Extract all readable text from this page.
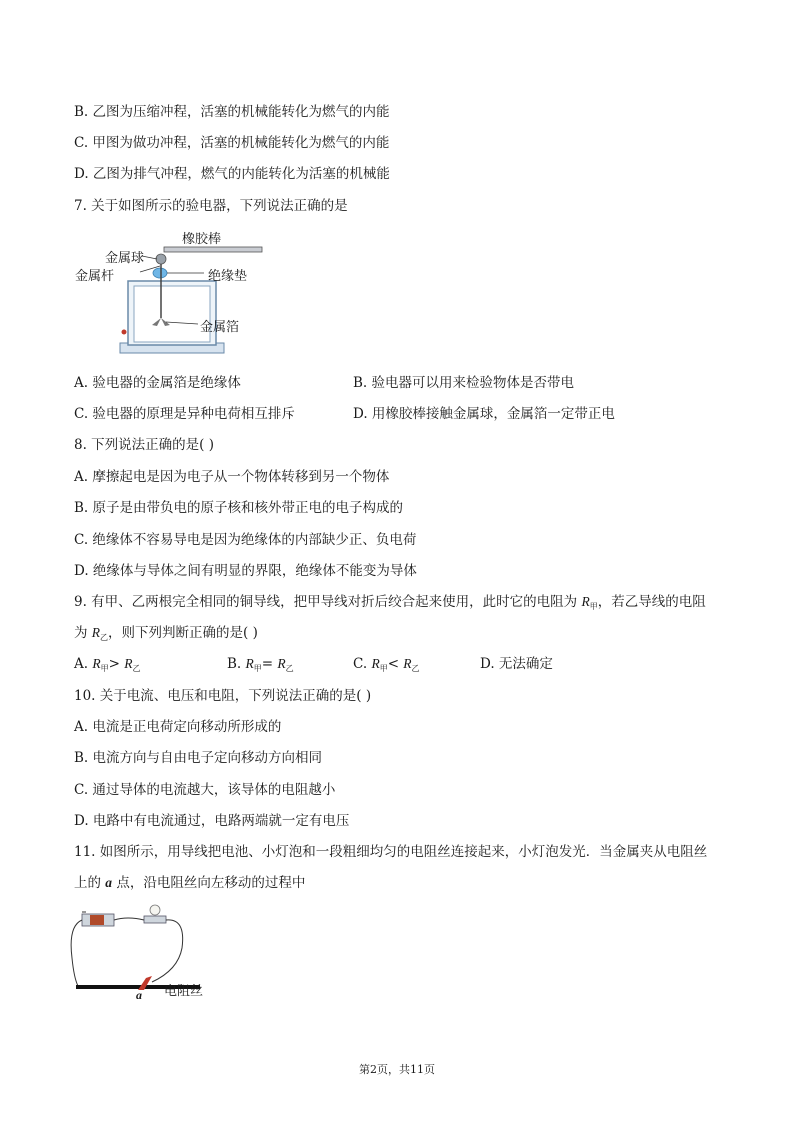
B. 乙图为压缩冲程，活塞的机械能转化为燃气的内能
C. 甲图为做功冲程，活塞的机械能转化为燃气的内能
D. 乙图为排气冲程，燃气的内能转化为活塞的机械能
7. 关于如图所示的验电器，下列说法正确的是
橡胶棒
金属球
金属杆	绝缘垫
金属箔
A. 验电器的金属箔是绝缘体	B. 验电器可以用来检验物体是否带电
C. 验电器的原理是异种电荷相互排斥	D. 用橡胶棒接触金属球，金属箔一定带正电
8. 下列说法正确的是( )
A. 摩擦起电是因为电子从一个物体转移到另一个物体
B. 原子是由带负电的原子核和核外带正电的电子构成的
C. 绝缘体不容易导电是因为绝缘体的内部缺少正、负电荷
D. 绝缘体与导体之间有明显的界限，绝缘体不能变为导体
9. 有甲、乙两根完全相同的铜导线，把甲导线对折后绞合起来使用，此时它的电阻为 $R_甲$，若乙导线的电阻
为 $R_乙$，则下列判断正确的是( )
A. $R_甲> R_乙$	B. $R_甲= R_乙$	C. $R_甲< R_乙$	D. 无法确定
10. 关于电流、电压和电阻，下列说法正确的是( )
A. 电流是正电荷定向移动所形成的
B. 电流方向与自由电子定向移动方向相同
C. 通过导体的电流越大，该导体的电阻越小
D. 电路中有电流通过，电路两端就一定有电压
11. 如图所示，用导线把电池、小灯泡和一段粗细均匀的电阻丝连接起来，小灯泡发光．当金属夹从电阻丝
上的 a 点，沿电阻丝向左移动的过程中
a 电阻丝
第2页，共11页
